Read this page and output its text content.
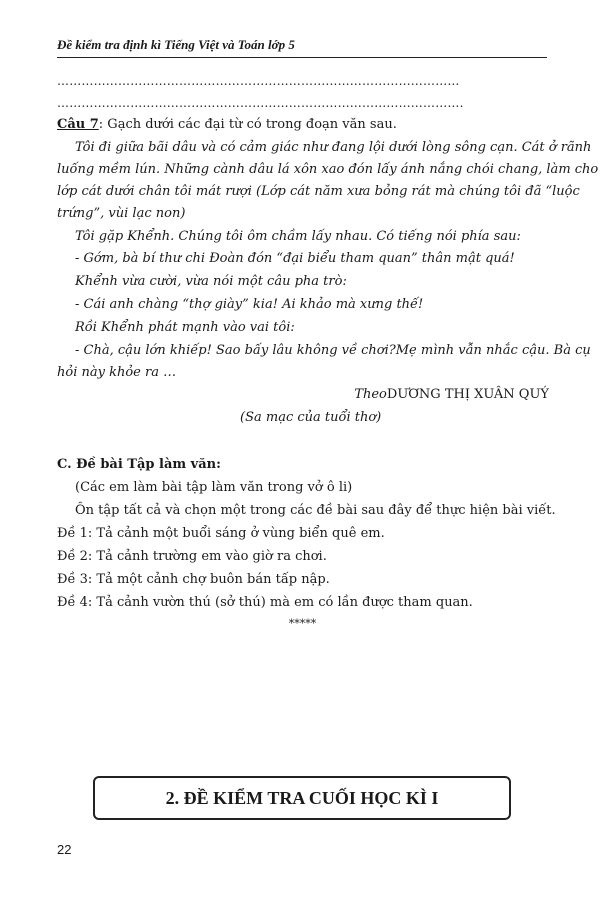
Đề kiểm tra định kì Tiếng Việt và Toán lớp 5
………………………………………………………………………………………
……………………………………………………………………………………….
Câu 7: Gạch dưới các đại từ có trong đoạn văn sau.
Tôi đi giữa bãi dâu và có cảm giác như đang lội dưới lòng sông cạn. Cát ở rãnh
luống mềm lún. Những cành dâu lá xôn xao đón lấy ánh nắng chói chang, làm cho
lớp cát dưới chân tôi mát rượi (Lớp cát năm xưa bỏng rát mà chúng tôi đã “luộc
trứng”, vùi lạc non)
Tôi gặp Khểnh. Chúng tôi ôm chầm lấy nhau. Có tiếng nói phía sau:
- Gớm, bà bí thư chi Đoàn đón “đại biểu tham quan” thân mật quá!
Khểnh vừa cười, vừa nói một câu pha trò:
- Cái anh chàng “thợ giày” kia! Ai khảo mà xưng thế!
Rồi Khểnh phát mạnh vào vai tôi:
- Chà, cậu lớn khiếp! Sao bấy lâu không về chơi?Mẹ mình vẫn nhắc cậu. Bà cụ
hỏi này khỏe ra …
TheoDƯƠNG THỊ XUÂN QUÝ
(Sa mạc của tuổi thơ)
C. Đề bài Tập làm văn:
(Các em làm bài tập làm văn trong vở ô li)
Ôn tập tất cả và chọn một trong các đề bài sau đây để thực hiện bài viết.
Đề 1: Tả cảnh một buổi sáng ở vùng biển quê em.
Đề 2: Tả cảnh trường em vào giờ ra chơi.
Đề 3: Tả một cảnh chợ buôn bán tấp nập.
Đề 4: Tả cảnh vườn thú (sở thú) mà em có lần được tham quan.
*****
2. ĐỀ KIỂM TRA CUỐI HỌC KÌ I
22
